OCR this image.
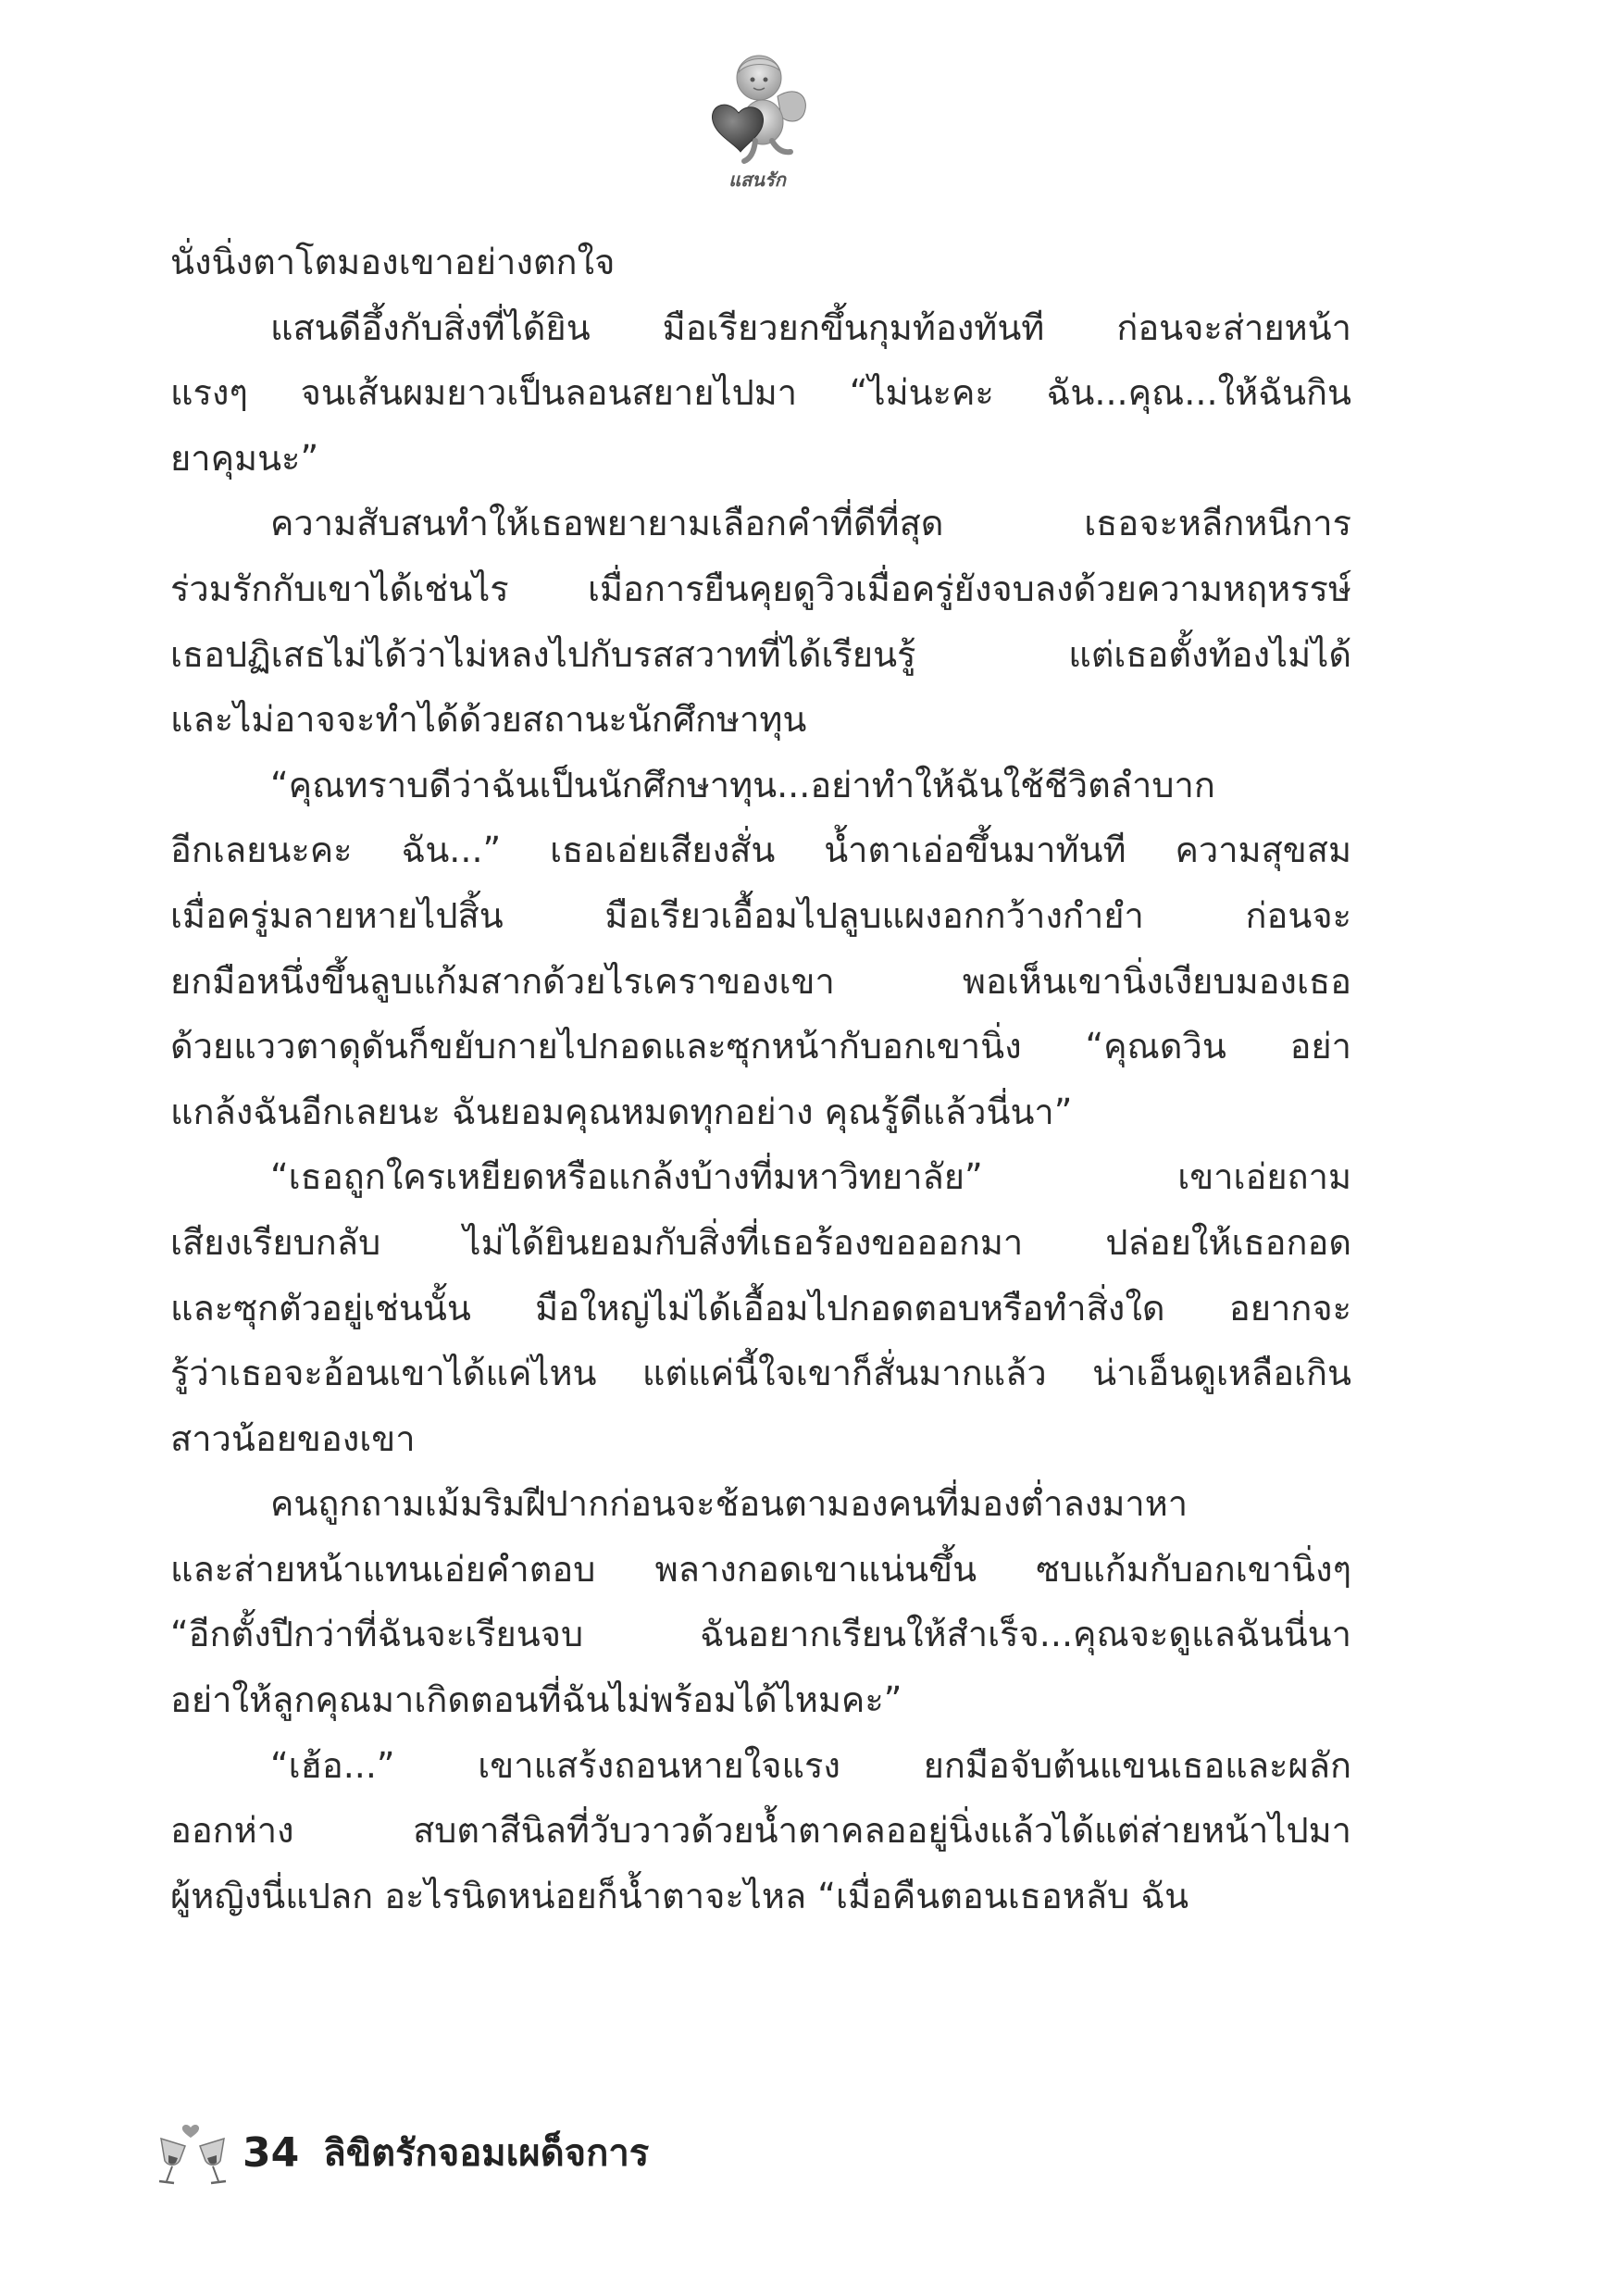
แสนรัก
นั่งนิ่งตาโตมองเขาอย่างตกใจ
แสนดีอึ้งกับสิ่งที่ได้ยิน มือเรียวยกขึ้นกุมท้องทันที ก่อนจะส่ายหน้า
แรงๆ จนเส้นผมยาวเป็นลอนสยายไปมา “ไม่นะคะ ฉัน...คุณ...ให้ฉันกิน
ยาคุมนะ”
ความสับสนทำให้เธอพยายามเลือกคำที่ดีที่สุด เธอจะหลีกหนีการ
ร่วมรักกับเขาได้เช่นไร เมื่อการยืนคุยดูวิวเมื่อครู่ยังจบลงด้วยความหฤหรรษ์
เธอปฏิเสธไม่ได้ว่าไม่หลงไปกับรสสวาทที่ได้เรียนรู้ แต่เธอตั้งท้องไม่ได้
และไม่อาจจะทำได้ด้วยสถานะนักศึกษาทุน
“คุณทราบดีว่าฉันเป็นนักศึกษาทุน...อย่าทำให้ฉันใช้ชีวิตลำบาก
อีกเลยนะคะ ฉัน...” เธอเอ่ยเสียงสั่น น้ำตาเอ่อขึ้นมาทันที ความสุขสม
เมื่อครู่มลายหายไปสิ้น มือเรียวเอื้อมไปลูบแผงอกกว้างกำยำ ก่อนจะ
ยกมือหนึ่งขึ้นลูบแก้มสากด้วยไรเคราของเขา พอเห็นเขานิ่งเงียบมองเธอ
ด้วยแววตาดุดันก็ขยับกายไปกอดและซุกหน้ากับอกเขานิ่ง “คุณดวิน อย่า
แกล้งฉันอีกเลยนะ ฉันยอมคุณหมดทุกอย่าง คุณรู้ดีแล้วนี่นา”
“เธอถูกใครเหยียดหรือแกล้งบ้างที่มหาวิทยาลัย” เขาเอ่ยถาม
เสียงเรียบกลับ ไม่ได้ยินยอมกับสิ่งที่เธอร้องขอออกมา ปล่อยให้เธอกอด
และซุกตัวอยู่เช่นนั้น มือใหญ่ไม่ได้เอื้อมไปกอดตอบหรือทำสิ่งใด อยากจะ
รู้ว่าเธอจะอ้อนเขาได้แค่ไหน แต่แค่นี้ใจเขาก็สั่นมากแล้ว น่าเอ็นดูเหลือเกิน
สาวน้อยของเขา
คนถูกถามเม้มริมฝีปากก่อนจะช้อนตามองคนที่มองต่ำลงมาหา
และส่ายหน้าแทนเอ่ยคำตอบ พลางกอดเขาแน่นขึ้น ซบแก้มกับอกเขานิ่งๆ
“อีกตั้งปีกว่าที่ฉันจะเรียนจบ ฉันอยากเรียนให้สำเร็จ...คุณจะดูแลฉันนี่นา
อย่าให้ลูกคุณมาเกิดตอนที่ฉันไม่พร้อมได้ไหมคะ”
“เฮ้อ...” เขาแสร้งถอนหายใจแรง ยกมือจับต้นแขนเธอและผลัก
ออกห่าง สบตาสีนิลที่วับวาวด้วยน้ำตาคลออยู่นิ่งแล้วได้แต่ส่ายหน้าไปมา
ผู้หญิงนี่แปลก อะไรนิดหน่อยก็น้ำตาจะไหล “เมื่อคืนตอนเธอหลับ ฉัน
34 ลิขิตรักจอมเผด็จการ
